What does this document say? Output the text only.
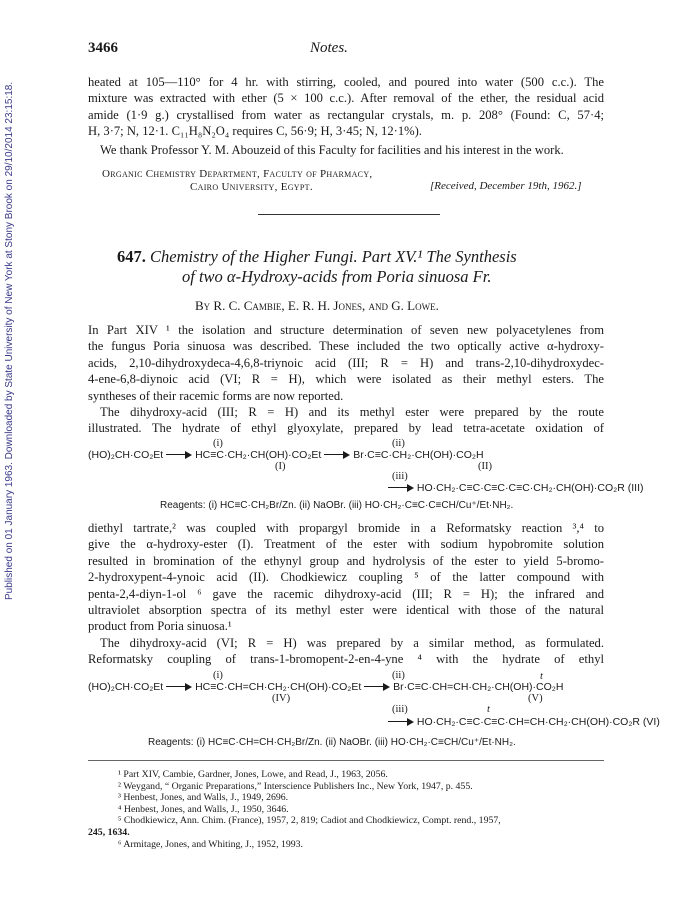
Published on 01 January 1963. Downloaded by State University of New York at Stony Brook on 29/10/2014 23:15:18.
3466	Notes.
heated at 105—110° for 4 hr. with stirring, cooled, and poured into water (500 c.c.). The
mixture was extracted with ether (5 × 100 c.c.). After removal of the ether, the residual acid
amide (1·9 g.) crystallised from water as rectangular crystals, m. p. 208° (Found: C, 57·4;
H, 3·7; N, 12·1. C₁₁H₈N₂O₄ requires C, 56·9; H, 3·45; N, 12·1%).
We thank Professor Y. M. Abouzeid of this Faculty for facilities and his interest in the work.
Organic Chemistry Department, Faculty of Pharmacy,
Cairo University, Egypt.	[Received, December 19th, 1962.]
647. Chemistry of the Higher Fungi. Part XV.¹ The Synthesis
of two α-Hydroxy-acids from Poria sinuosa Fr.
By R. C. Cambie, E. R. H. Jones, and G. Lowe.
In Part XIV ¹ the isolation and structure determination of seven new polyacetylenes from
the fungus Poria sinuosa was described. These included the two optically active α-hydroxy-
acids, 2,10-dihydroxydeca-4,6,8-triynoic acid (III; R = H) and trans-2,10-dihydroxydec-
4-ene-6,8-diynoic acid (VI; R = H), which were isolated as their methyl esters. The
syntheses of their racemic forms are now reported.
The dihydroxy-acid (III; R = H) and its methyl ester were prepared by the route
illustrated. The hydrate of ethyl glyoxylate, prepared by lead tetra-acetate oxidation of
(HO)₂CH·CO₂Et	HC≡C·CH₂·CH(OH)·CO₂Et	Br·C≡C·CH₂·CH(OH)·CO₂H
(i)	(ii)
(I)	(II)
(iii)
HO·CH₂·C≡C·C≡C·C≡C·CH₂·CH(OH)·CO₂R (III)
Reagents: (i) HC≡C·CH₂Br/Zn. (ii) NaOBr. (iii) HO·CH₂·C≡C·C≡CH/Cu⁺/Et·NH₂.
diethyl tartrate,² was coupled with propargyl bromide in a Reformatsky reaction ³,⁴ to
give the α-hydroxy-ester (I). Treatment of the ester with sodium hypobromite solution
resulted in bromination of the ethynyl group and hydrolysis of the ester to yield 5-bromo-
2-hydroxypent-4-ynoic acid (II). Chodkiewicz coupling ⁵ of the latter compound with
penta-2,4-diyn-1-ol ⁶ gave the racemic dihydroxy-acid (III; R = H); the infrared and
ultraviolet absorption spectra of its methyl ester were identical with those of the natural
product from Poria sinuosa.¹
The dihydroxy-acid (VI; R = H) was prepared by a similar method, as formulated.
Reformatsky coupling of trans-1-bromopent-2-en-4-yne ⁴ with the hydrate of ethyl
(HO)₂CH·CO₂Et	HC≡C·CH=CH·CH₂·CH(OH)·CO₂Et	Br·C≡C·CH=CH·CH₂·CH(OH)·CO₂H
(i)	(ii)	t
(IV)	(V)
(iii)	t
HO·CH₂·C≡C·C≡C·CH=CH·CH₂·CH(OH)·CO₂R (VI)
Reagents: (i) HC≡C·CH=CH·CH₂Br/Zn. (ii) NaOBr. (iii) HO·CH₂·C≡CH/Cu⁺/Et·NH₂.
¹ Part XIV, Cambie, Gardner, Jones, Lowe, and Read, J., 1963, 2056.
² Weygand, “ Organic Preparations,” Interscience Publishers Inc., New York, 1947, p. 455.
³ Henbest, Jones, and Walls, J., 1949, 2696.
⁴ Henbest, Jones, and Walls, J., 1950, 3646.
⁵ Chodkiewicz, Ann. Chim. (France), 1957, 2, 819; Cadiot and Chodkiewicz, Compt. rend., 1957,
245, 1634.
⁶ Armitage, Jones, and Whiting, J., 1952, 1993.
